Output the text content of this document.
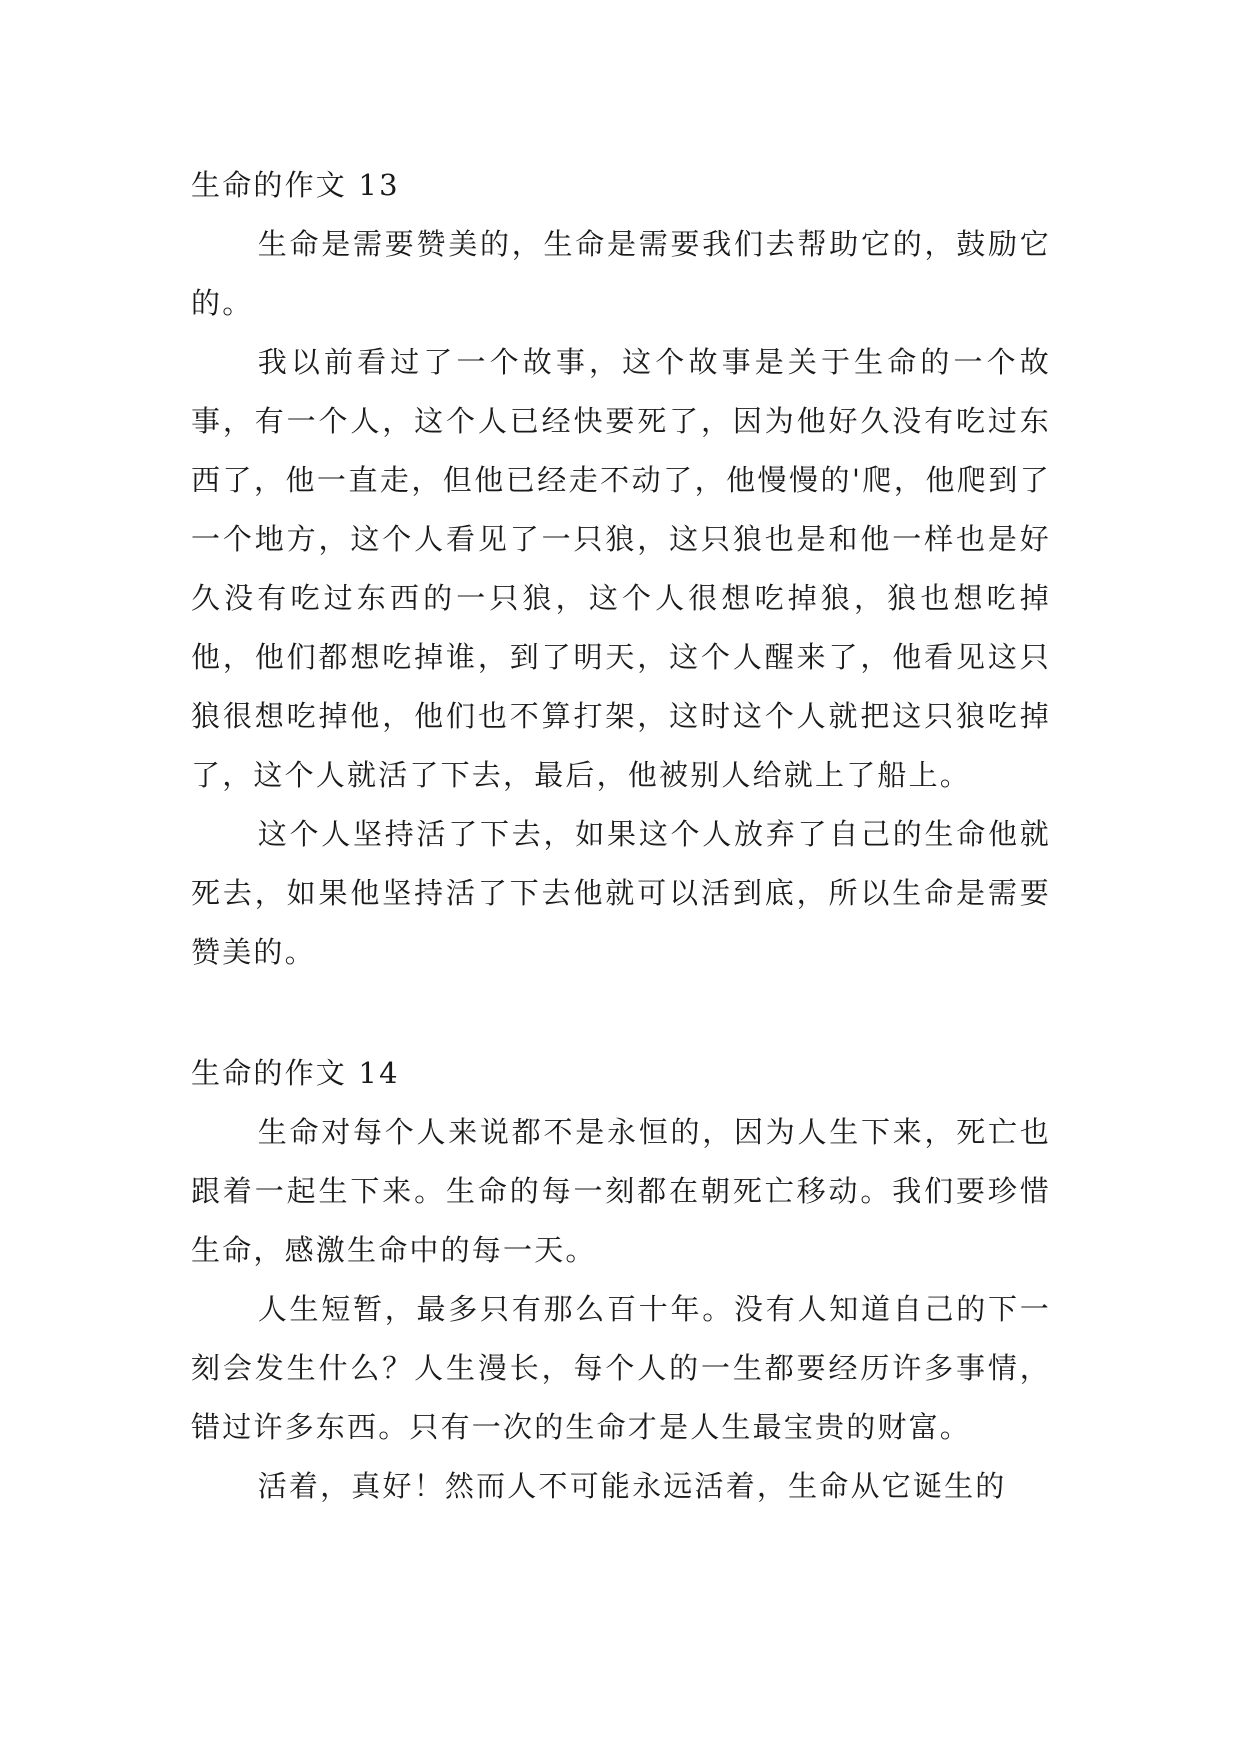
生命的作文 13

生命是需要赞美的，生命是需要我们去帮助它的，鼓励它的。

我以前看过了一个故事，这个故事是关于生命的一个故事，有一个人，这个人已经快要死了，因为他好久没有吃过东西了，他一直走，但他已经走不动了，他慢慢的'爬，他爬到了一个地方，这个人看见了一只狼，这只狼也是和他一样也是好久没有吃过东西的一只狼，这个人很想吃掉狼，狼也想吃掉他，他们都想吃掉谁，到了明天，这个人醒来了，他看见这只狼很想吃掉他，他们也不算打架，这时这个人就把这只狼吃掉了，这个人就活了下去，最后，他被别人给就上了船上。

这个人坚持活了下去，如果这个人放弃了自己的生命他就死去，如果他坚持活了下去他就可以活到底，所以生命是需要赞美的。

生命的作文 14

生命对每个人来说都不是永恒的，因为人生下来，死亡也跟着一起生下来。生命的每一刻都在朝死亡移动。我们要珍惜生命，感激生命中的每一天。

人生短暂，最多只有那么百十年。没有人知道自己的下一刻会发生什么？人生漫长，每个人的一生都要经历许多事情，错过许多东西。只有一次的生命才是人生最宝贵的财富。

活着，真好！然而人不可能永远活着，生命从它诞生的
